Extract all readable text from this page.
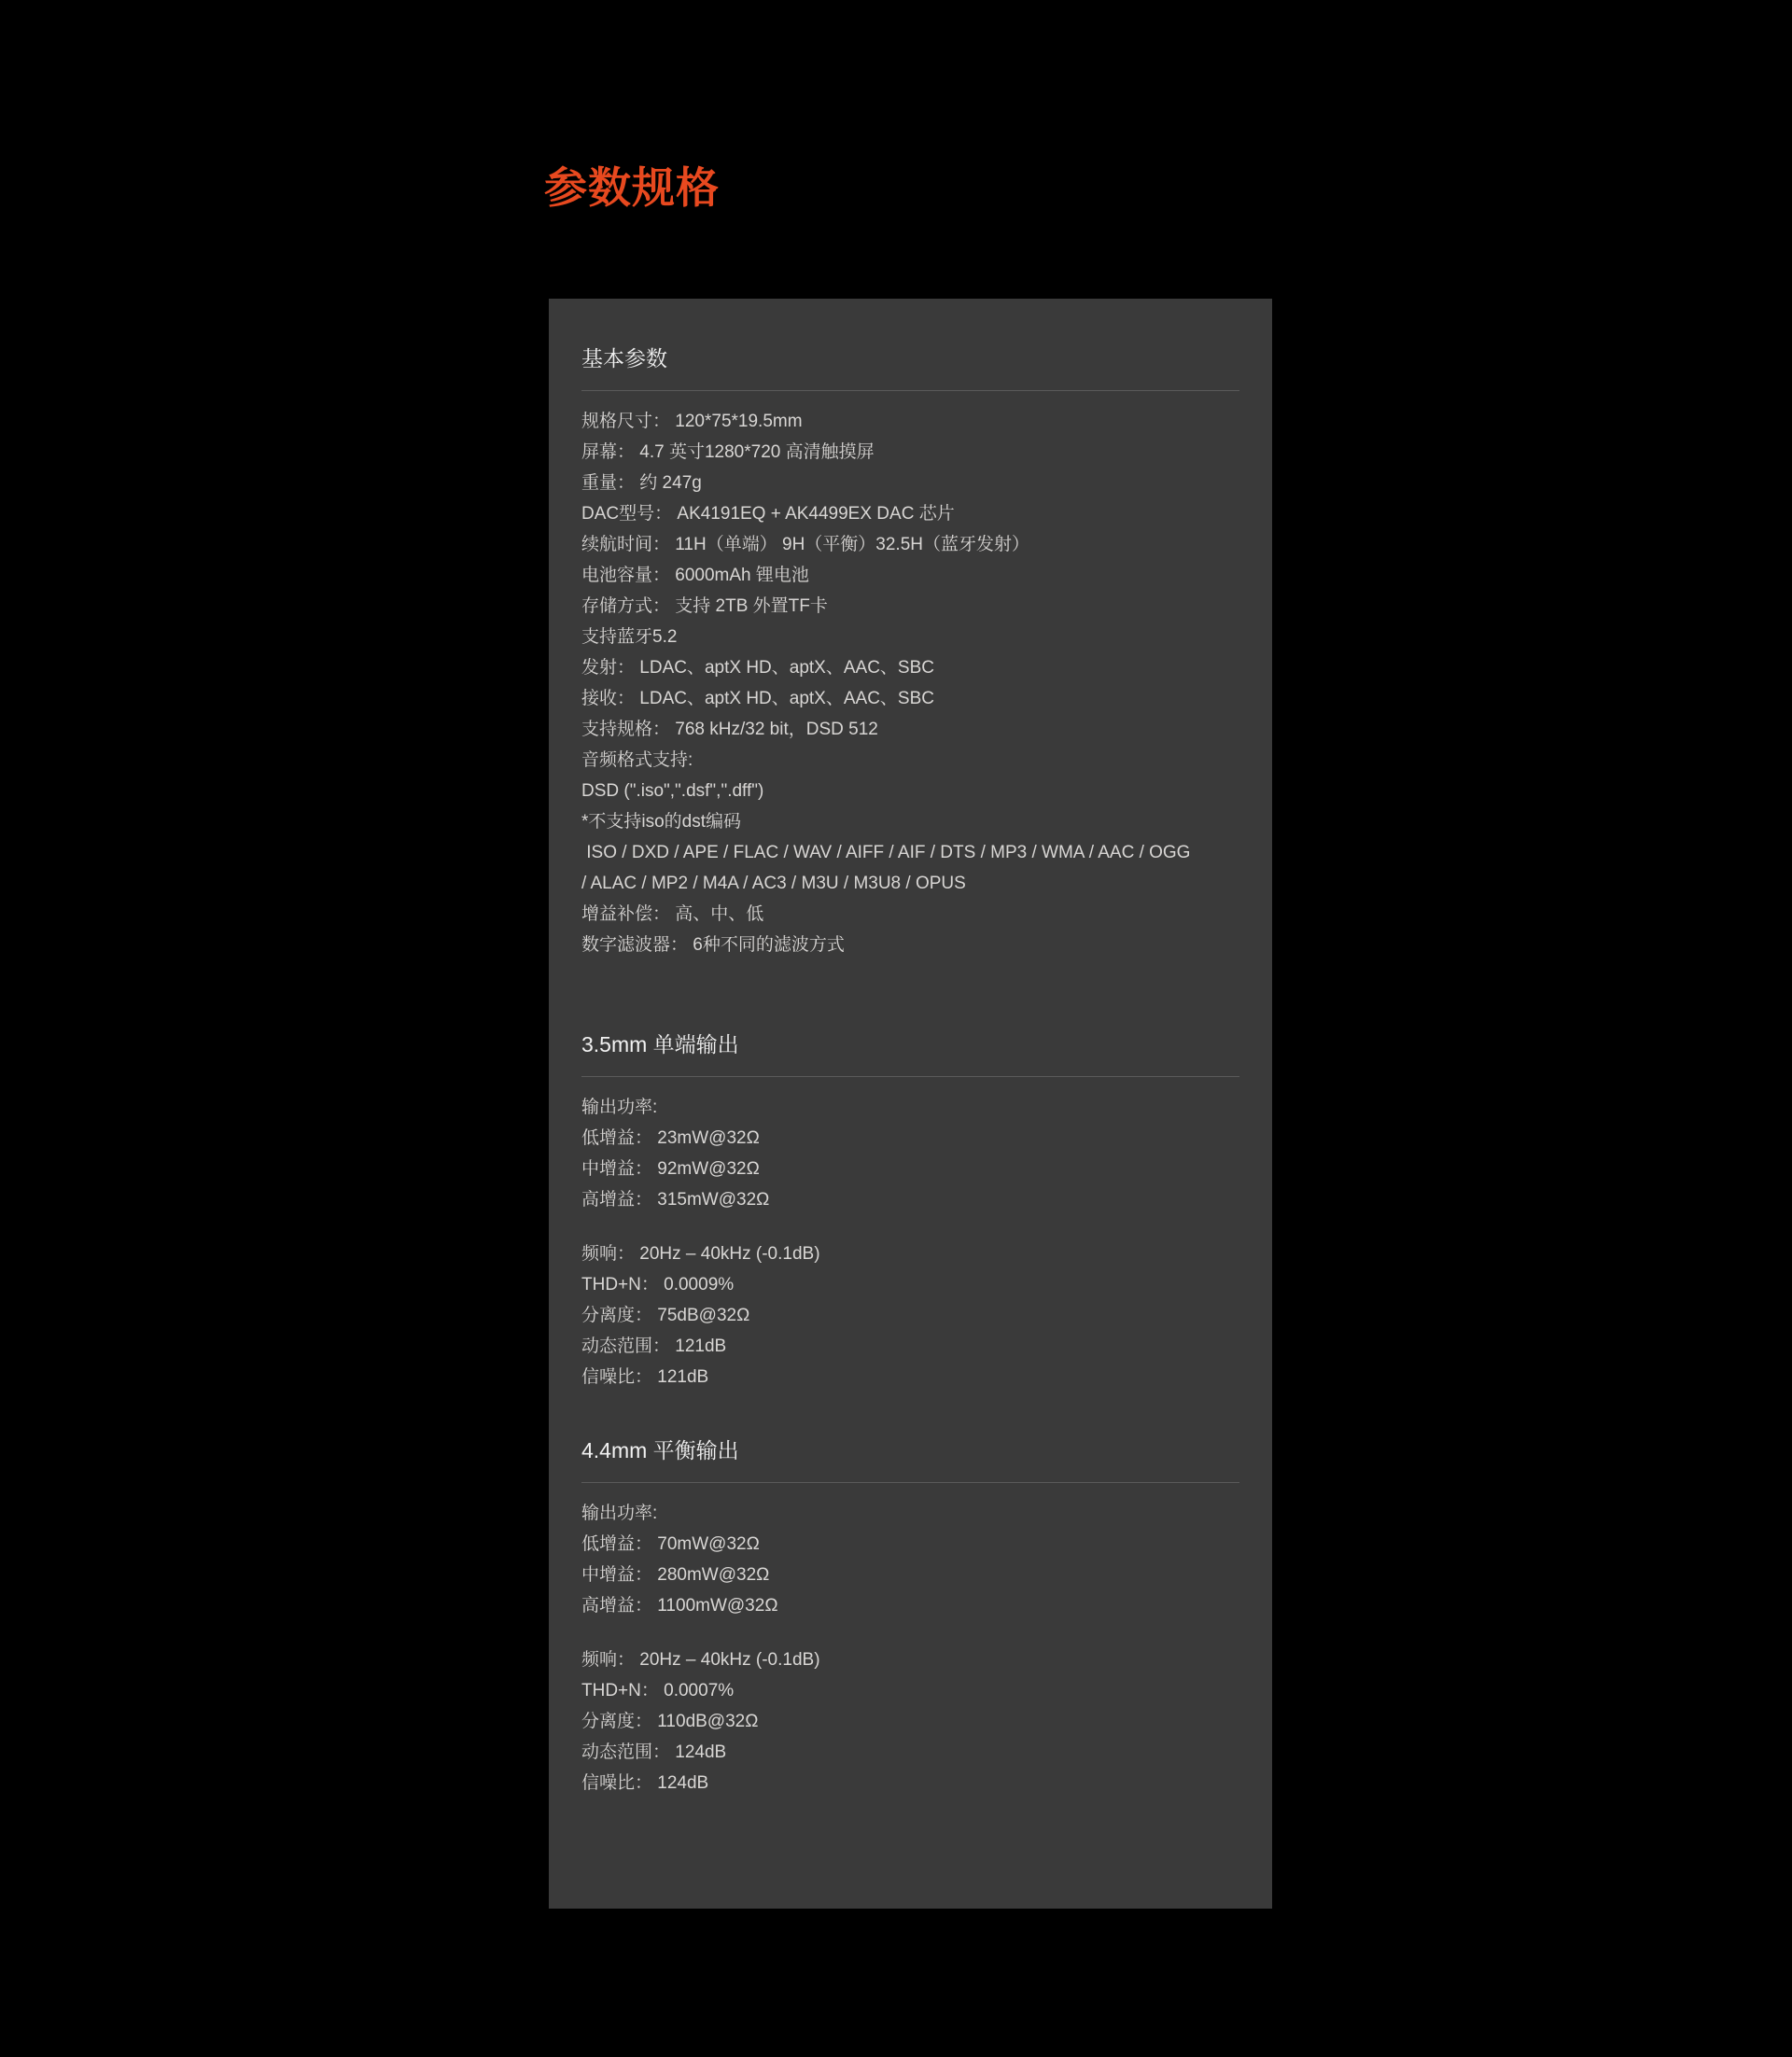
参数规格
基本参数
规格尺寸： 120*75*19.5mm
屏幕： 4.7 英寸1280*720 高清触摸屏
重量： 约 247g
DAC型号： AK4191EQ + AK4499EX DAC 芯片
续航时间： 11H（单端） 9H（平衡）32.5H（蓝牙发射）
电池容量： 6000mAh 锂电池
存储方式： 支持 2TB 外置TF卡
支持蓝牙5.2
发射： LDAC、aptX HD、aptX、AAC、SBC
接收： LDAC、aptX HD、aptX、AAC、SBC
支持规格： 768 kHz/32 bit，DSD 512
音频格式支持:
DSD (".iso",".dsf",".dff")
*不支持iso的dst编码
ISO / DXD / APE / FLAC / WAV / AIFF / AIF / DTS / MP3 / WMA / AAC / OGG
/ ALAC / MP2 / M4A / AC3 / M3U / M3U8 / OPUS
增益补偿： 高、中、低
数字滤波器： 6种不同的滤波方式
3.5mm 单端输出
输出功率:
低增益： 23mW@32Ω
中增益： 92mW@32Ω
高增益： 315mW@32Ω
频响： 20Hz – 40kHz (-0.1dB)
THD+N： 0.0009%
分离度： 75dB@32Ω
动态范围： 121dB
信噪比： 121dB
4.4mm 平衡输出
输出功率:
低增益： 70mW@32Ω
中增益： 280mW@32Ω
高增益： 1100mW@32Ω
频响： 20Hz – 40kHz (-0.1dB)
THD+N： 0.0007%
分离度： 110dB@32Ω
动态范围： 124dB
信噪比： 124dB
